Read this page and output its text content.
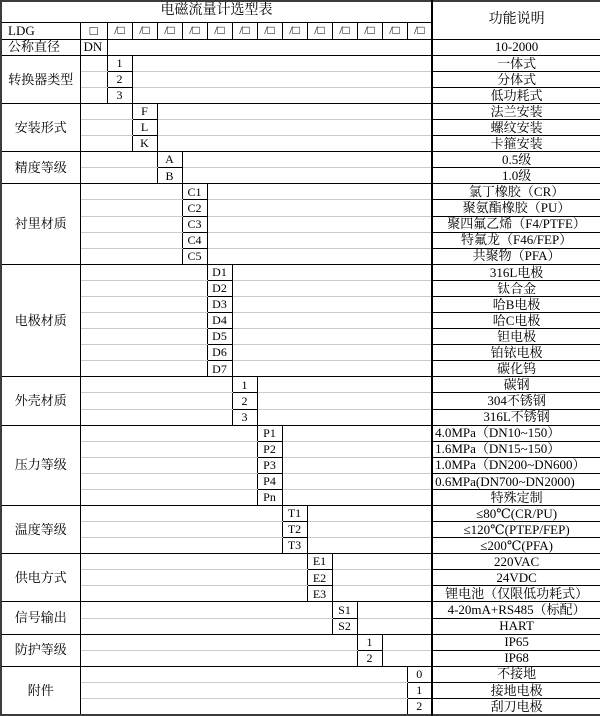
电磁流量计选型表															功能说明
LDG	□	/□	/□	/□	/□	/□	/□	/□	/□	/□	/□	/□	/□	/□	
公称直径	DN														10-2000
转换器类型		1													一体式
		2													分体式
		3													低功耗式
安装形式			F												法兰安装
			L												螺纹安装
			K												卡箍安装
精度等级				A											0.5级
				B											1.0级
衬里材质					C1										氯丁橡胶（CR）
					C2										聚氨酯橡胶（PU）
					C3										聚四氟乙烯（F4/PTFE）
					C4										特氟龙（F46/FEP）
					C5										共聚物（PFA）
电极材质						D1									316L电极
						D2									钛合金
						D3									哈B电极
						D4									哈C电极
						D5									钽电极
						D6									铂铱电极
						D7									碳化钨
外壳材质							1								碳钢
							2								304不锈钢
							3								316L不锈钢
压力等级								P1							4.0MPa（DN10~150）
								P2							1.6MPa（DN15~150）
								P3							1.0MPa（DN200~DN600）
								P4							0.6MPa(DN700~DN2000)
								Pn							特殊定制
温度等级									T1						≤80℃(CR/PU)
									T2						≤120℃(PTEP/FEP)
									T3						≤200℃(PFA)
供电方式										E1					220VAC
										E2					24VDC
										E3					锂电池（仅限低功耗式）
信号输出											S1				4-20mA+RS485（标配）
											S2				HART
防护等级												1			IP65
												2			IP68
附件														0	不接地
														1	接地电极
														2	刮刀电极
